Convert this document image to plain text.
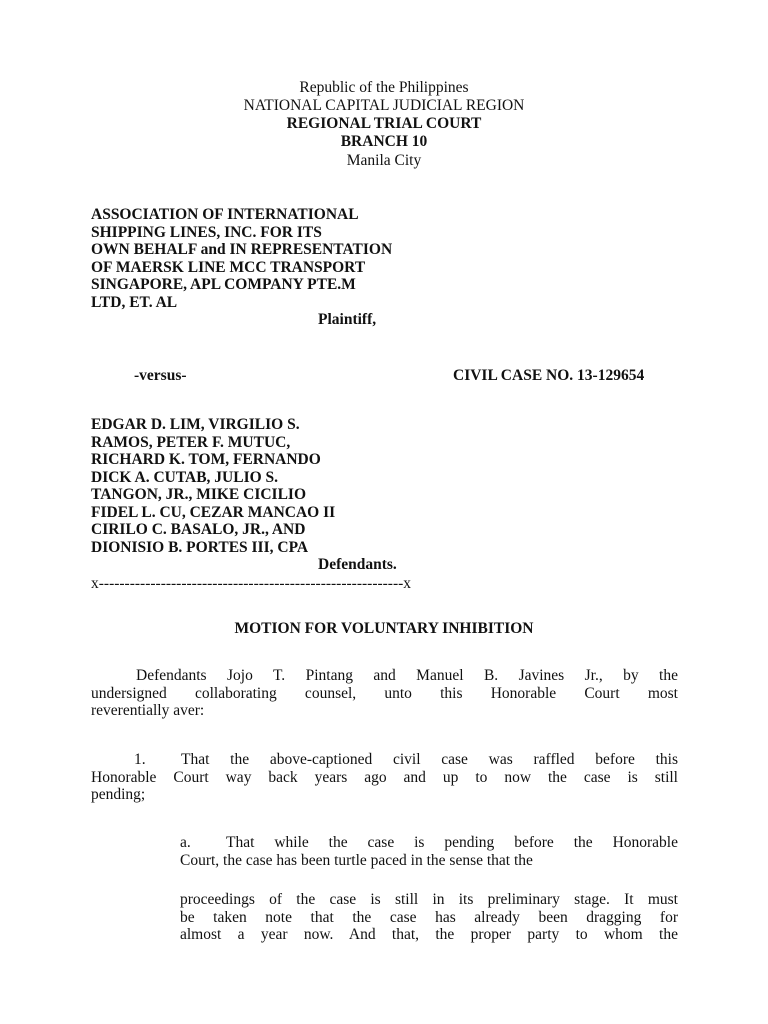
Republic of the Philippines
NATIONAL CAPITAL JUDICIAL REGION
REGIONAL TRIAL COURT
BRANCH 10
Manila City
ASSOCIATION OF INTERNATIONAL
SHIPPING LINES, INC. FOR ITS
OWN BEHALF and IN REPRESENTATION
OF MAERSK LINE MCC TRANSPORT
SINGAPORE, APL COMPANY PTE.M
LTD, ET. AL
Plaintiff,
-versus-	CIVIL CASE NO. 13-129654
EDGAR D. LIM, VIRGILIO S.
RAMOS, PETER F. MUTUC,
RICHARD K. TOM, FERNANDO
DICK A. CUTAB, JULIO S.
TANGON, JR., MIKE CICILIO
FIDEL L. CU, CEZAR MANCAO II
CIRILO C. BASALO, JR., AND
DIONISIO B. PORTES III, CPA
Defendants.
x-----------------------------------------------------------x
MOTION FOR VOLUNTARY INHIBITION
Defendants Jojo T. Pintang and Manuel B. Javines Jr., by the
undersigned collaborating counsel, unto this Honorable Court most
reverentially aver:
1.	That the above-captioned civil case was raffled before this
Honorable Court way back years ago and up to now the case is still
pending;
a.	That while the case is pending before the Honorable
Court, the case has been turtle paced in the sense that the
proceedings of the case is still in its preliminary stage. It must
be taken note that the case has already been dragging for
almost a year now. And that, the proper party to whom the
